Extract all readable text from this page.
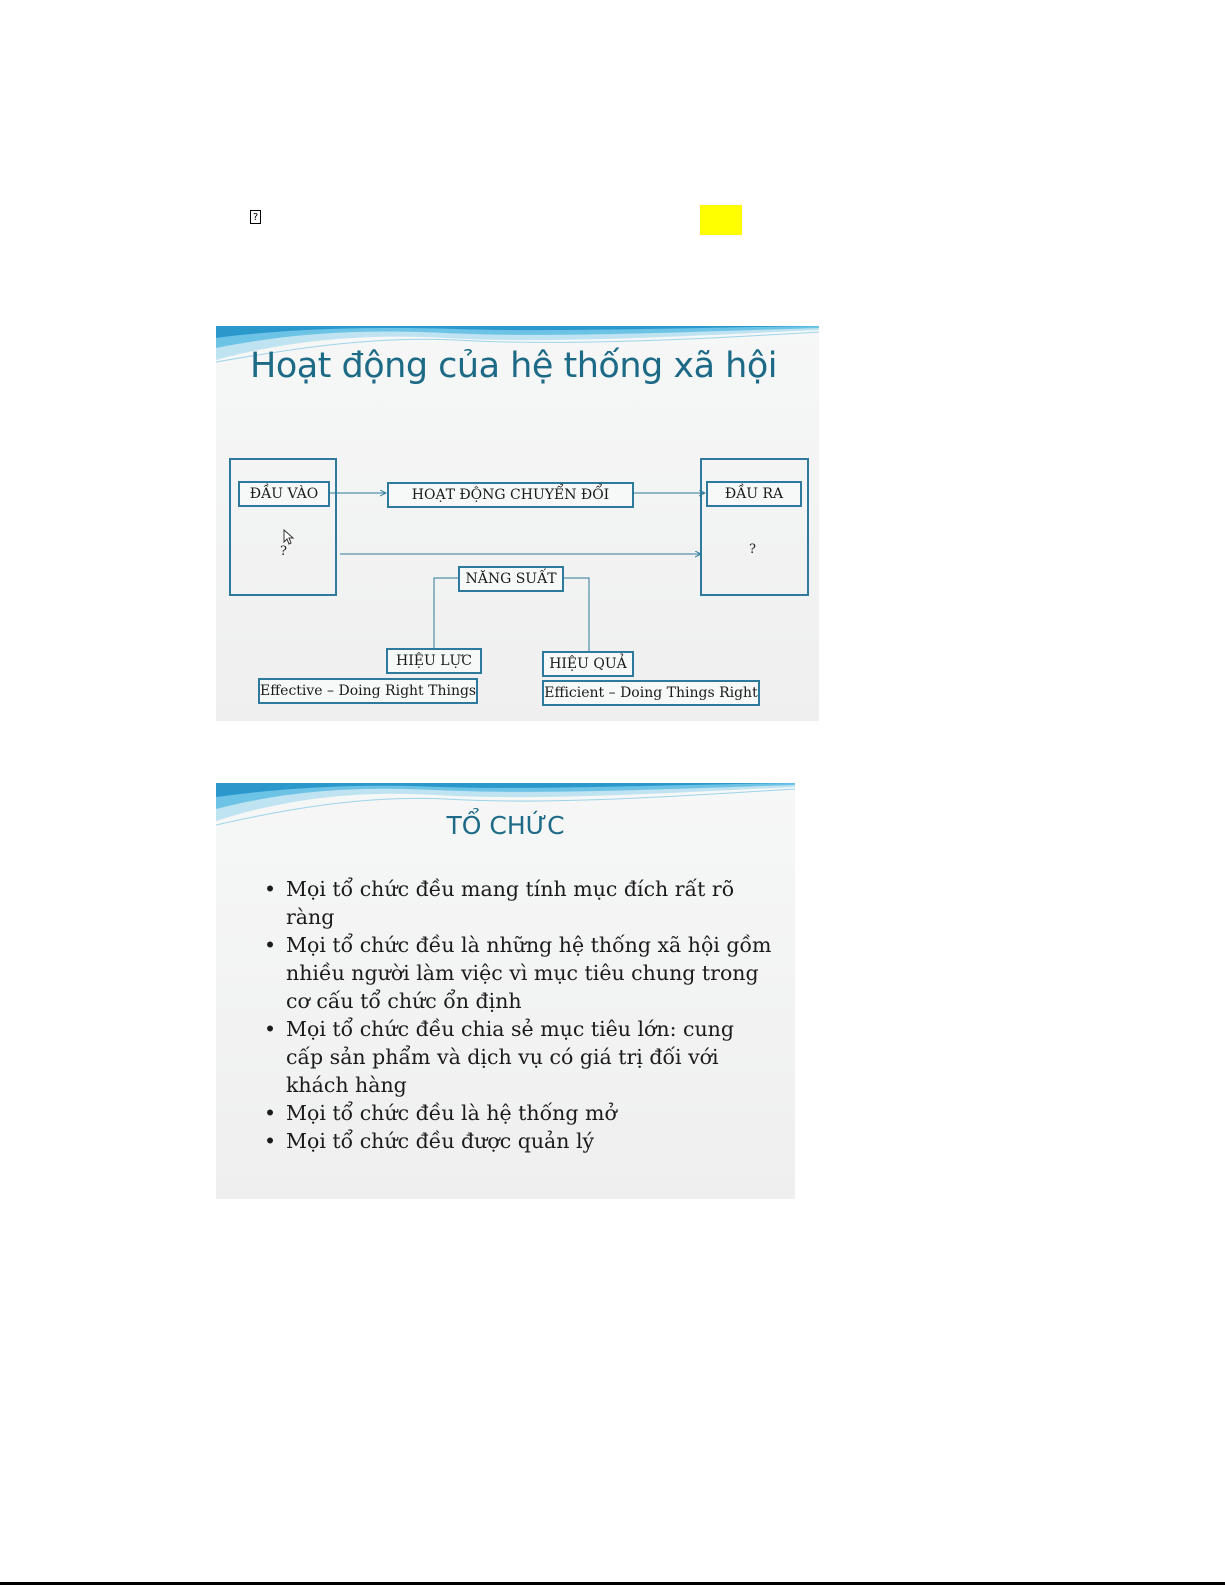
?
Hoạt động của hệ thống xã hội
ĐẦU VÀO
?
HOẠT ĐỘNG CHUYỂN ĐỔI	ĐẦU RA
?
NĂNG SUẤT
HIỆU LỰC
Effective – Doing Right Things
HIỆU QUẢ
Efficient – Doing Things Right
TỔ CHỨC
• Mọi tổ chức đều mang tính mục đích rất rõ ràng
• Mọi tổ chức đều là những hệ thống xã hội gồm nhiều người làm việc vì mục tiêu chung trong cơ cấu tổ chức ổn định
• Mọi tổ chức đều chia sẻ mục tiêu lớn: cung cấp sản phẩm và dịch vụ có giá trị đối với khách hàng
• Mọi tổ chức đều là hệ thống mở
• Mọi tổ chức đều được quản lý
